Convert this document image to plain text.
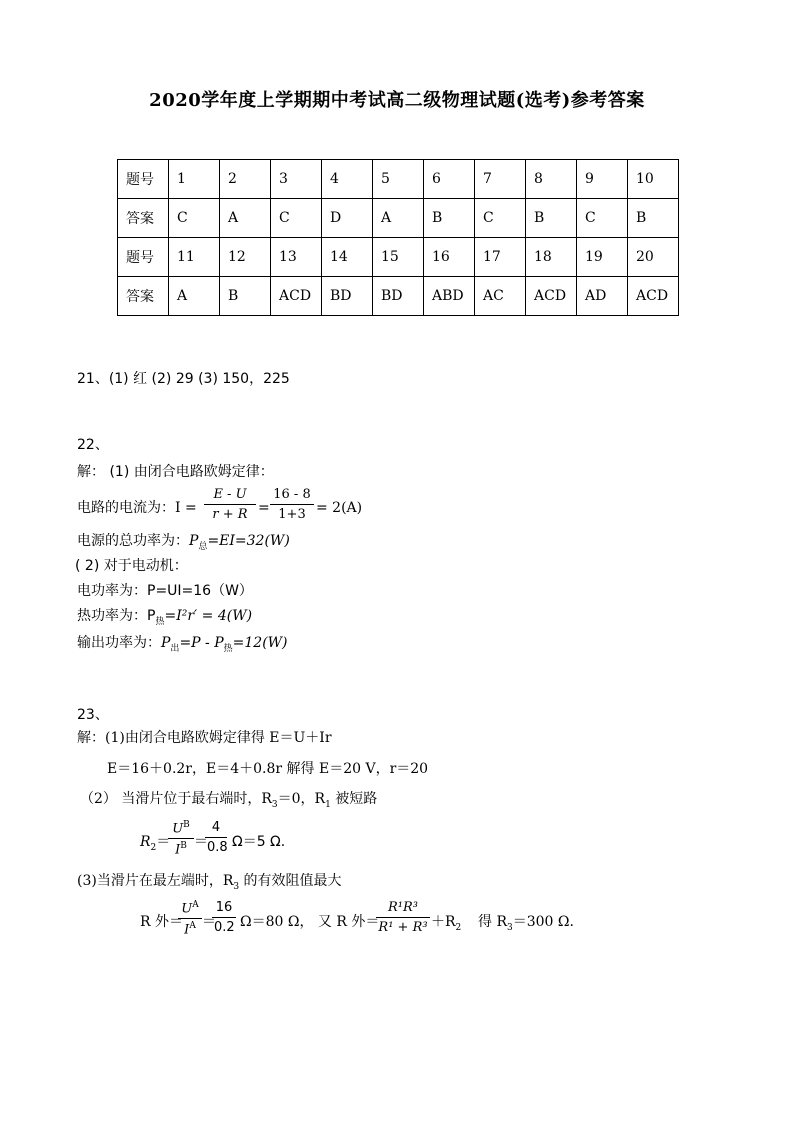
2020学年度上学期期中考试高二级物理试题(选考)参考答案
题号	1	2	3	4	5	6	7	8	9	10
答案	C	A	C	D	A	B	C	B	C	B
题号	11	12	13	14	15	16	17	18	19	20
答案	A	B	ACD	BD	BD	ABD	AC	ACD	AD	ACD
21、(1) 红 (2) 29 (3) 150，225
22、
解： (1) 由闭合电路欧姆定律：
电路的电流为：I =
E - U
r + R =
16 - 8
1+3 = 2(A)
电源的总功率为：$P_总=EI=32(W)$
( 2) 对于电动机：
电功率为：P=UI=16（W）
热功率为：$P_热=I^2r' = 4(W)$
输出功率为：$P_出=P - P_热=12(W)$
23、
解：(1)由闭合电路欧姆定律得 E＝U＋Ir
E＝16＋0.2r，E＝4＋0.8r 解得 E＝20 V，r＝20
（2） 当滑片位于最右端时，$R_3=0$，$R_1$ 被短路
$R_2=$
$U^B$
$I^B$ ＝
4
0.8 Ω＝5 Ω.
(3)当滑片在最左端时，$R_3$ 的有效阻值最大
R 外＝
$U^A$
$I^A$ ＝
16
0.2 Ω＝80 Ω， 又 R 外＝
R¹R³
$R^1 + R^3 +R_2$ 得 $R_3=300$ Ω.
